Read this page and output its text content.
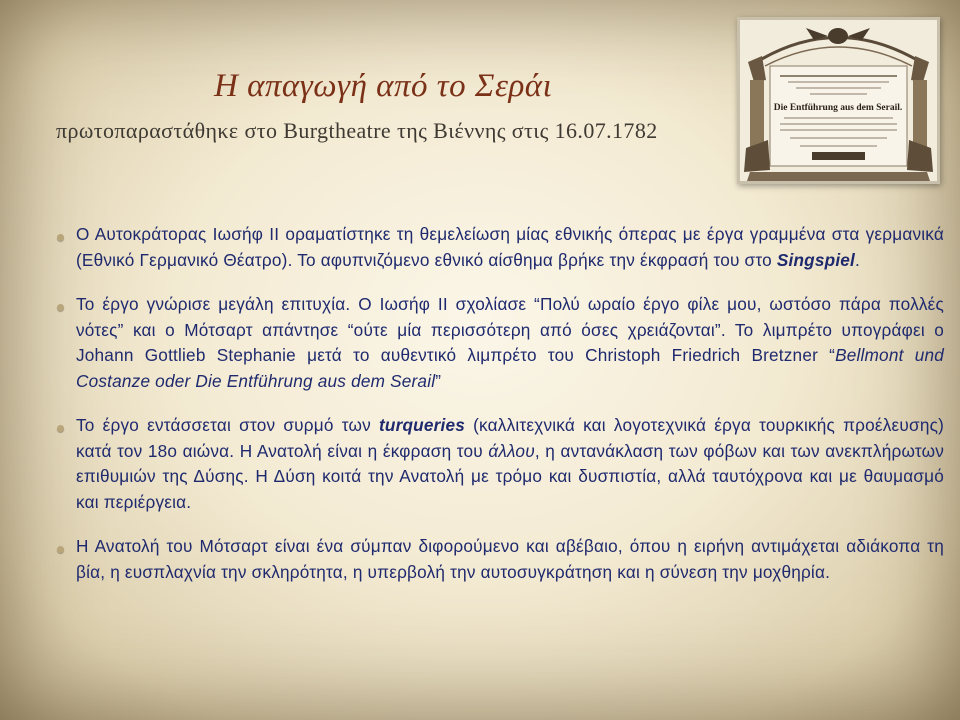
Η απαγωγή από το Σεράι
πρωτοπαραστάθηκε στο Burgtheatre της Βιέννης στις 16.07.1782
Die Entführung aus dem Serail.
Ο Αυτοκράτορας Ιωσήφ ΙΙ οραματίστηκε τη θεμελείωση μίας εθνικής όπερας με έργα γραμμένα στα γερμανικά (Εθνικό Γερμανικό Θέατρο). Το αφυπνιζόμενο εθνικό αίσθημα βρήκε την έκφρασή του στο Singspiel.
Το έργο γνώρισε μεγάλη επιτυχία. Ο Ιωσήφ ΙΙ σχολίασε “Πολύ ωραίο έργο φίλε μου, ωστόσο πάρα πολλές νότες” και ο Μότσαρτ απάντησε “ούτε μία περισσότερη από όσες χρειάζονται”. Το λιμπρέτο υπογράφει ο Johann Gottlieb Stephanie μετά το αυθεντικό λιμπρέτο του Christoph Friedrich Bretzner “Bellmont und Costanze oder Die Entführung aus dem Serail”
Το έργο εντάσσεται στον συρμό των turqueries (καλλιτεχνικά και λογοτεχνικά έργα τουρκικής προέλευσης) κατά τον 18ο αιώνα. Η Ανατολή είναι η έκφραση του άλλου, η αντανάκλαση των φόβων και των ανεκπλήρωτων επιθυμιών της Δύσης. Η Δύση κοιτά την Ανατολή με τρόμο και δυσπιστία, αλλά ταυτόχρονα και με θαυμασμό και περιέργεια.
Η Ανατολή του Μότσαρτ είναι ένα σύμπαν διφορούμενο και αβέβαιο, όπου η ειρήνη αντιμάχεται αδιάκοπα τη βία, η ευσπλαχνία την σκληρότητα, η υπερβολή την αυτοσυγκράτηση και η σύνεση την μοχθηρία.
